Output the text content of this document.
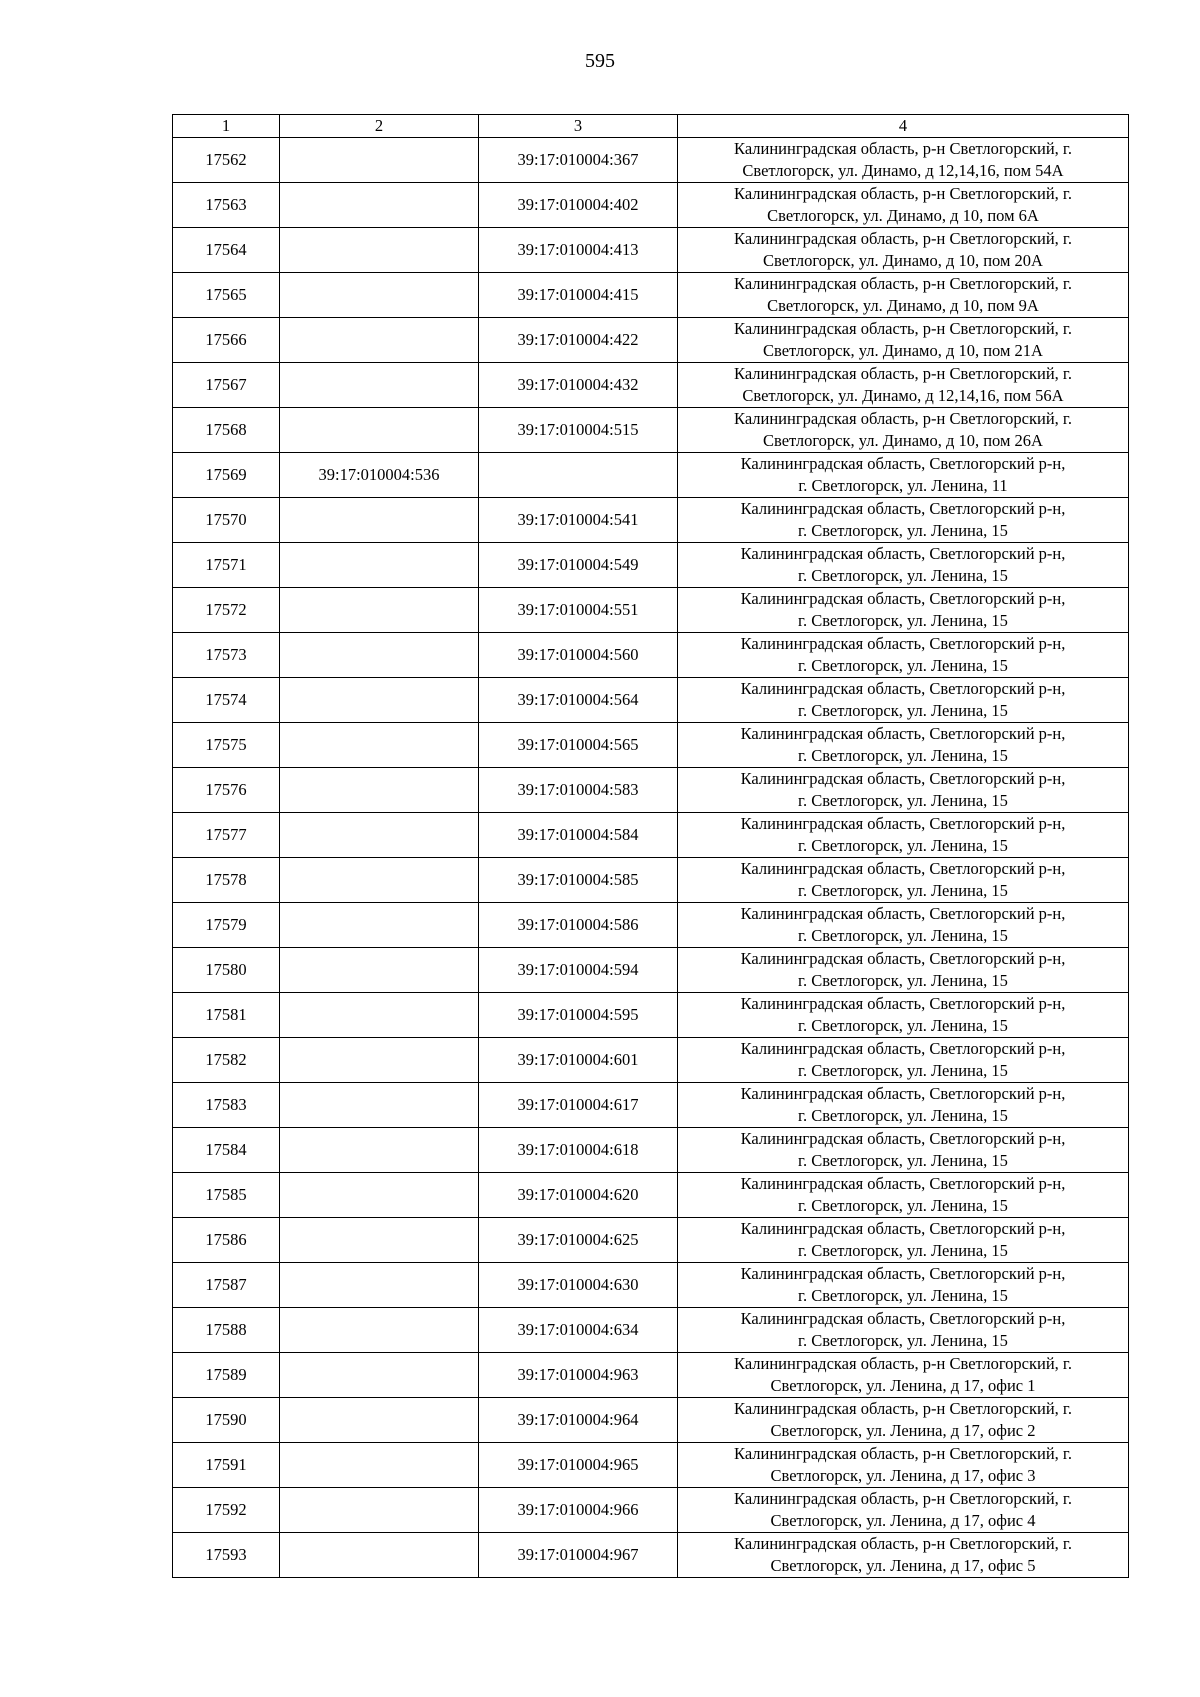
595
1	2	3	4
17562		39:17:010004:367	Калининградская область, р-н Светлогорский, г.
Светлогорск, ул. Динамо, д 12,14,16, пом 54А

17563		39:17:010004:402	Калининградская область, р-н Светлогорский, г.
Светлогорск, ул. Динамо, д 10, пом 6А

17564		39:17:010004:413	Калининградская область, р-н Светлогорский, г.
Светлогорск, ул. Динамо, д 10, пом 20А

17565		39:17:010004:415	Калининградская область, р-н Светлогорский, г.
Светлогорск, ул. Динамо, д 10, пом 9А

17566		39:17:010004:422	Калининградская область, р-н Светлогорский, г.
Светлогорск, ул. Динамо, д 10, пом 21А

17567		39:17:010004:432	Калининградская область, р-н Светлогорский, г.
Светлогорск, ул. Динамо, д 12,14,16, пом 56А

17568		39:17:010004:515	Калининградская область, р-н Светлогорский, г.
Светлогорск, ул. Динамо, д 10, пом 26А

17569	39:17:010004:536		Калининградская область, Светлогорский р-н,
г. Светлогорск, ул. Ленина, 11

17570		39:17:010004:541	Калининградская область, Светлогорский р-н,
г. Светлогорск, ул. Ленина, 15

17571		39:17:010004:549	Калининградская область, Светлогорский р-н,
г. Светлогорск, ул. Ленина, 15

17572		39:17:010004:551	Калининградская область, Светлогорский р-н,
г. Светлогорск, ул. Ленина, 15

17573		39:17:010004:560	Калининградская область, Светлогорский р-н,
г. Светлогорск, ул. Ленина, 15

17574		39:17:010004:564	Калининградская область, Светлогорский р-н,
г. Светлогорск, ул. Ленина, 15

17575		39:17:010004:565	Калининградская область, Светлогорский р-н,
г. Светлогорск, ул. Ленина, 15

17576		39:17:010004:583	Калининградская область, Светлогорский р-н,
г. Светлогорск, ул. Ленина, 15

17577		39:17:010004:584	Калининградская область, Светлогорский р-н,
г. Светлогорск, ул. Ленина, 15

17578		39:17:010004:585	Калининградская область, Светлогорский р-н,
г. Светлогорск, ул. Ленина, 15

17579		39:17:010004:586	Калининградская область, Светлогорский р-н,
г. Светлогорск, ул. Ленина, 15

17580		39:17:010004:594	Калининградская область, Светлогорский р-н,
г. Светлогорск, ул. Ленина, 15

17581		39:17:010004:595	Калининградская область, Светлогорский р-н,
г. Светлогорск, ул. Ленина, 15

17582		39:17:010004:601	Калининградская область, Светлогорский р-н,
г. Светлогорск, ул. Ленина, 15

17583		39:17:010004:617	Калининградская область, Светлогорский р-н,
г. Светлогорск, ул. Ленина, 15

17584		39:17:010004:618	Калининградская область, Светлогорский р-н,
г. Светлогорск, ул. Ленина, 15

17585		39:17:010004:620	Калининградская область, Светлогорский р-н,
г. Светлогорск, ул. Ленина, 15

17586		39:17:010004:625	Калининградская область, Светлогорский р-н,
г. Светлогорск, ул. Ленина, 15

17587		39:17:010004:630	Калининградская область, Светлогорский р-н,
г. Светлогорск, ул. Ленина, 15

17588		39:17:010004:634	Калининградская область, Светлогорский р-н,
г. Светлогорск, ул. Ленина, 15

17589		39:17:010004:963	Калининградская область, р-н Светлогорский, г.
Светлогорск, ул. Ленина, д 17, офис 1

17590		39:17:010004:964	Калининградская область, р-н Светлогорский, г.
Светлогорск, ул. Ленина, д 17, офис 2

17591		39:17:010004:965	Калининградская область, р-н Светлогорский, г.
Светлогорск, ул. Ленина, д 17, офис 3

17592		39:17:010004:966	Калининградская область, р-н Светлогорский, г.
Светлогорск, ул. Ленина, д 17, офис 4

17593		39:17:010004:967	Калининградская область, р-н Светлогорский, г.
Светлогорск, ул. Ленина, д 17, офис 5
